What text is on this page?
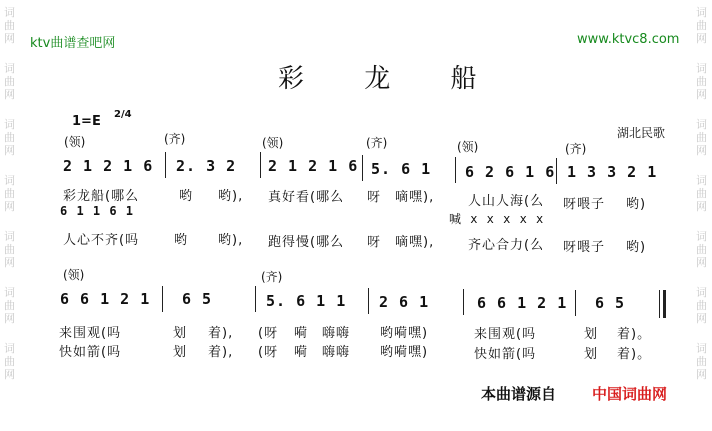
词曲网
词曲网
词曲网
词曲网
词曲网
词曲网
词曲网
词曲网
词曲网
词曲网
词曲网
词曲网
词曲网
词曲网
ktv曲谱查吧网	www.ktvc8.com
彩 龙 船
1=E 2/4
湖北民歌
(领)	(齐)	(领)	(齐)	(领)	(齐)
2 1 2 1 6 2. 3 2 2 1 2 1 6 5. 6 1 6 2 6 1 6 1 3 3 2 1
彩龙船(哪么	哟 哟), 真好看(哪么 呀 嘀嘿),	人山人海(么 呀喂子 哟)
6 1 1 6 1
喊 x x x x x
人心不齐(吗	哟 哟), 跑得慢(哪么 呀 嘀嘿),	齐心合力(么 呀喂子 哟)
(领)	(齐)
6 6 1 2 1 6 5	5. 6 1 1 2 6 1	6 6 1 2 1 6 5
来围观(吗	划 着), (呀 嗬 嗨嗨 哟嗬嘿)	来围观(吗	划 着)。
快如箭(吗	划 着), (呀 嗬 嗨嗨 哟嗬嘿)	快如箭(吗	划 着)。
本曲谱源自 中国词曲网
